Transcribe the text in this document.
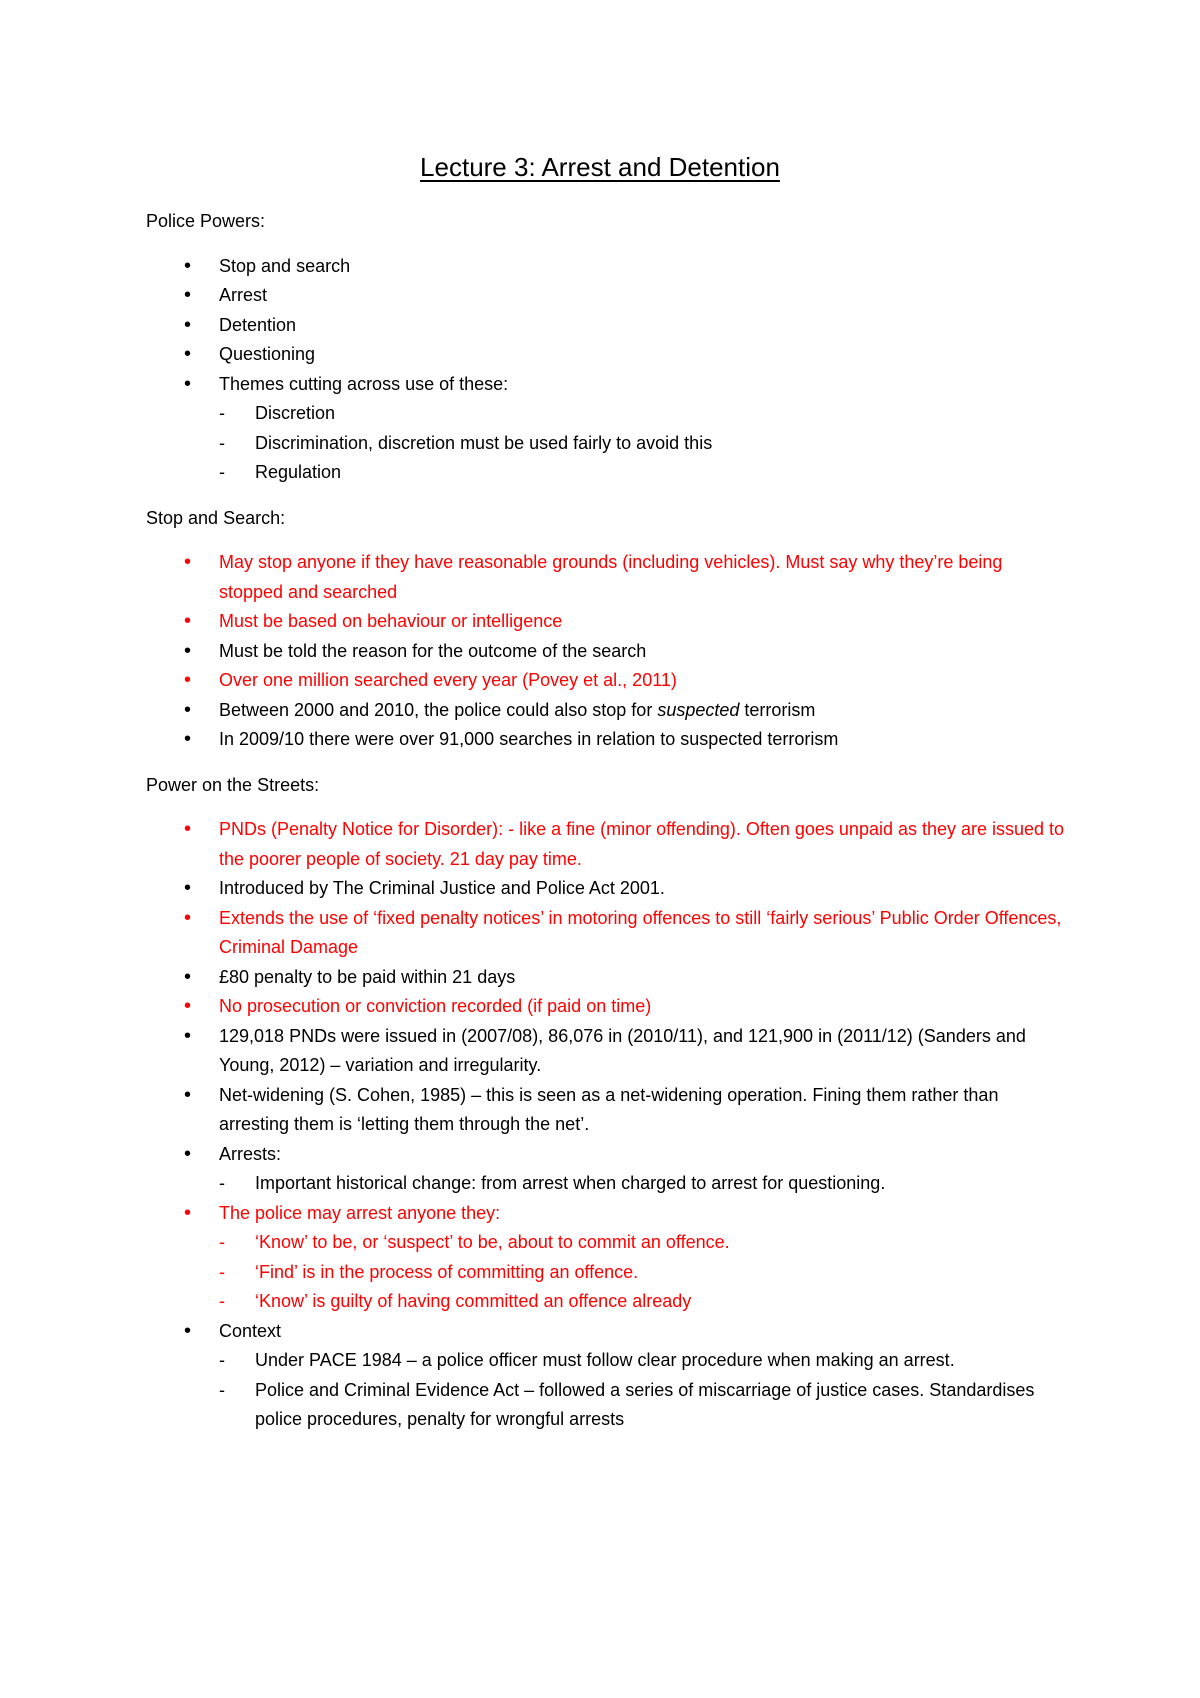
Lecture 3: Arrest and Detention

Police Powers:

• Stop and search
• Arrest
• Detention
• Questioning
• Themes cutting across use of these:
- Discretion
- Discrimination, discretion must be used fairly to avoid this
- Regulation

Stop and Search:

• May stop anyone if they have reasonable grounds (including vehicles). Must say why they’re being stopped and searched
• Must be based on behaviour or intelligence
• Must be told the reason for the outcome of the search
• Over one million searched every year (Povey et al., 2011)
• Between 2000 and 2010, the police could also stop for suspected terrorism
• In 2009/10 there were over 91,000 searches in relation to suspected terrorism

Power on the Streets:

• PNDs (Penalty Notice for Disorder): - like a fine (minor offending). Often goes unpaid as they are issued to the poorer people of society. 21 day pay time.
• Introduced by The Criminal Justice and Police Act 2001.
• Extends the use of ‘fixed penalty notices’ in motoring offences to still ‘fairly serious’ Public Order Offences, Criminal Damage
• £80 penalty to be paid within 21 days
• No prosecution or conviction recorded (if paid on time)
• 129,018 PNDs were issued in (2007/08), 86,076 in (2010/11), and 121,900 in (2011/12) (Sanders and Young, 2012) – variation and irregularity.
• Net-widening (S. Cohen, 1985) – this is seen as a net-widening operation. Fining them rather than arresting them is ‘letting them through the net’.
• Arrests:
- Important historical change: from arrest when charged to arrest for questioning.
• The police may arrest anyone they:
- ‘Know’ to be, or ‘suspect’ to be, about to commit an offence.
- ‘Find’ is in the process of committing an offence.
- ‘Know’ is guilty of having committed an offence already
• Context
- Under PACE 1984 – a police officer must follow clear procedure when making an arrest.
- Police and Criminal Evidence Act – followed a series of miscarriage of justice cases. Standardises police procedures, penalty for wrongful arrests
